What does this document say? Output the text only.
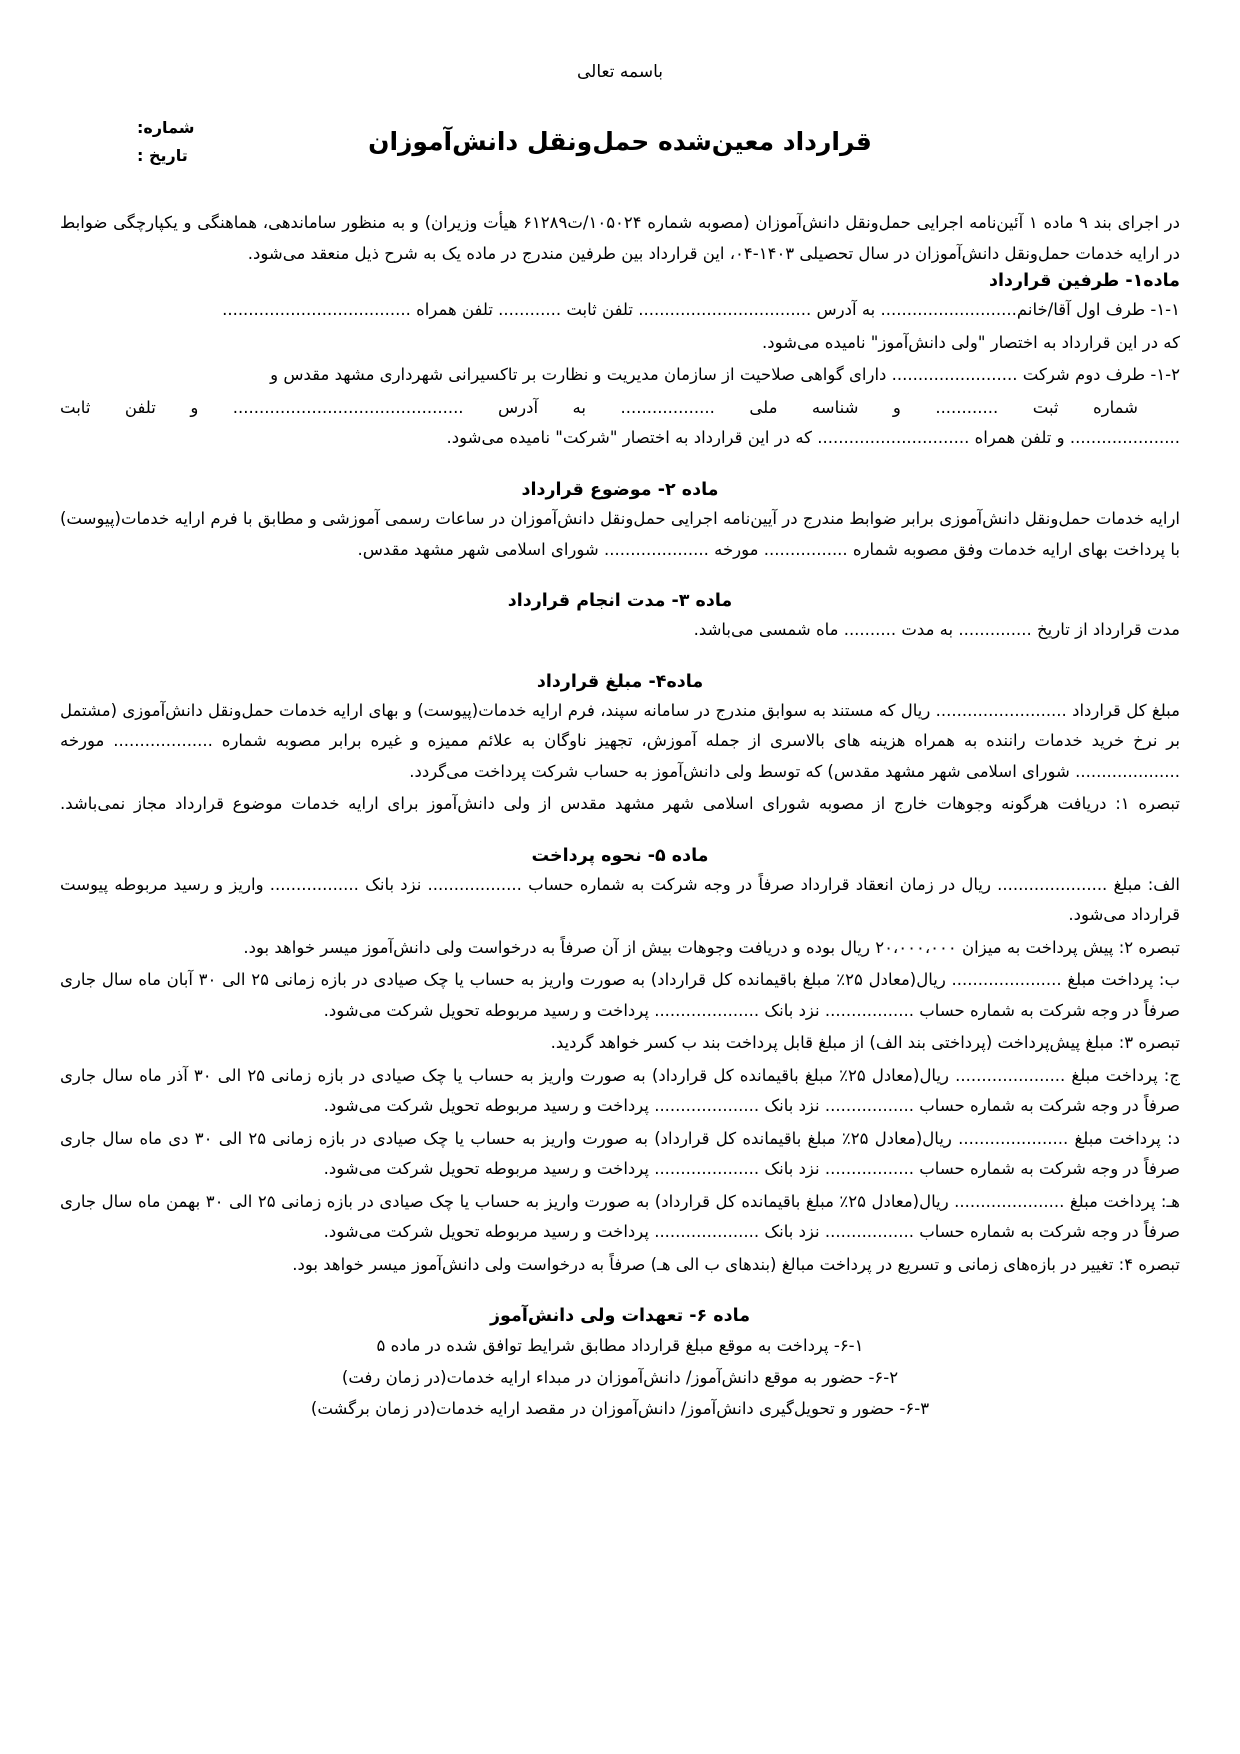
باسمه تعالی

شماره:
تاریخ :	قرارداد معین‌شده حمل‌ونقل دانش‌آموزان

در اجرای بند ۹ ماده ۱ آئین‌نامه اجرایی حمل‌ونقل دانش‌آموزان (مصوبه شماره ۱۰۵۰۲۴/ت۶۱۲۸۹ هیأت وزیران) و به منظور ساماندهی، هماهنگی و یکپارچگی ضوابط در ارایه خدمات حمل‌ونقل دانش‌آموزان در سال تحصیلی ۱۴۰۳-۰۴، این قرارداد بین طرفین مندرج در ماده یک به شرح ذیل منعقد می‌شود.

ماده۱- طرفین قرارداد

۱-۱- طرف اول آقا/خانم.......................... به آدرس ................................. تلفن ثابت ............ تلفن همراه ....................................

که در این قرارداد به اختصار "ولی دانش‌آموز" نامیده می‌شود.

۱-۲- طرف دوم شرکت ........................ دارای گواهی صلاحیت از سازمان مدیریت و نظارت بر تاکسیرانی شهرداری مشهد مقدس و

شماره ثبت ............ و شناسه ملی .................. به آدرس ............................................ و تلفن ثابت

..................... و تلفن همراه ............................. که در این قرارداد به اختصار "شرکت" نامیده می‌شود.

ماده ۲- موضوع قرارداد

ارایه خدمات حمل‌ونقل دانش‌آموزی برابر ضوابط مندرج در آیین‌نامه اجرایی حمل‌ونقل دانش‌آموزان در ساعات رسمی آموزشی و مطابق با فرم ارایه خدمات(پیوست) با پرداخت بهای ارایه خدمات وفق مصوبه شماره ................ مورخه .................... شورای اسلامی شهر مشهد مقدس.

ماده ۳- مدت انجام قرارداد

مدت قرارداد از تاریخ .............. به مدت .......... ماه شمسی می‌باشد.

ماده۴- مبلغ قرارداد

مبلغ کل قرارداد ......................... ریال که مستند به سوابق مندرج در سامانه سپند، فرم ارایه خدمات(پیوست) و بهای ارایه خدمات حمل‌ونقل دانش‌آموزی (مشتمل بر نرخ خرید خدمات راننده به همراه هزینه های بالاسری از جمله آموزش، تجهیز ناوگان به علائم ممیزه و غیره برابر مصوبه شماره ................... مورخه .................... شورای اسلامی شهر مشهد مقدس) که توسط ولی دانش‌آموز به حساب شرکت پرداخت می‌گردد.

تبصره ۱: دریافت هرگونه وجوهات خارج از مصوبه شورای اسلامی شهر مشهد مقدس از ولی دانش‌آموز برای ارایه خدمات موضوع قرارداد مجاز نمی‌باشد.

ماده ۵- نحوه پرداخت

الف: مبلغ ..................... ریال در زمان انعقاد قرارداد صرفاً در وجه شرکت به شماره حساب .................. نزد بانک ................. واریز و رسید مربوطه پیوست قرارداد می‌شود.

تبصره ۲: پیش پرداخت به میزان ۲۰،۰۰۰،۰۰۰ ریال بوده و دریافت وجوهات بیش از آن صرفاً به درخواست ولی دانش‌آموز میسر خواهد بود.

ب: پرداخت مبلغ ..................... ریال(معادل ۲۵٪ مبلغ باقیمانده کل قرارداد) به صورت واریز به حساب یا چک صیادی در بازه زمانی ۲۵ الی ۳۰ آبان ماه سال جاری صرفاً در وجه شرکت به شماره حساب ................. نزد بانک .................... پرداخت و رسید مربوطه تحویل شرکت می‌شود.

تبصره ۳: مبلغ پیش‌پرداخت (پرداختی بند الف) از مبلغ قابل پرداخت بند ب کسر خواهد گردید.

ج: پرداخت مبلغ ..................... ریال(معادل ۲۵٪ مبلغ باقیمانده کل قرارداد) به صورت واریز به حساب یا چک صیادی در بازه زمانی ۲۵ الی ۳۰ آذر ماه سال جاری صرفاً در وجه شرکت به شماره حساب ................. نزد بانک .................... پرداخت و رسید مربوطه تحویل شرکت می‌شود.

د: پرداخت مبلغ ..................... ریال(معادل ۲۵٪ مبلغ باقیمانده کل قرارداد) به صورت واریز به حساب یا چک صیادی در بازه زمانی ۲۵ الی ۳۰ دی ماه سال جاری صرفاً در وجه شرکت به شماره حساب ................. نزد بانک .................... پرداخت و رسید مربوطه تحویل شرکت می‌شود.

هـ: پرداخت مبلغ ..................... ریال(معادل ۲۵٪ مبلغ باقیمانده کل قرارداد) به صورت واریز به حساب یا چک صیادی در بازه زمانی ۲۵ الی ۳۰ بهمن ماه سال جاری صرفاً در وجه شرکت به شماره حساب ................. نزد بانک .................... پرداخت و رسید مربوطه تحویل شرکت می‌شود.

تبصره ۴: تغییر در بازه‌های زمانی و تسریع در پرداخت مبالغ (بندهای ب الی هـ) صرفاً به درخواست ولی دانش‌آموز میسر خواهد بود.

ماده ۶- تعهدات ولی دانش‌آموز

۶-۱- پرداخت به موقع مبلغ قرارداد مطابق شرایط توافق شده در ماده ۵

۶-۲- حضور به موقع دانش‌آموز/ دانش‌آموزان در مبداء ارایه خدمات(در زمان رفت)

۶-۳- حضور و تحویل‌گیری دانش‌آموز/ دانش‌آموزان در مقصد ارایه خدمات(در زمان برگشت)
